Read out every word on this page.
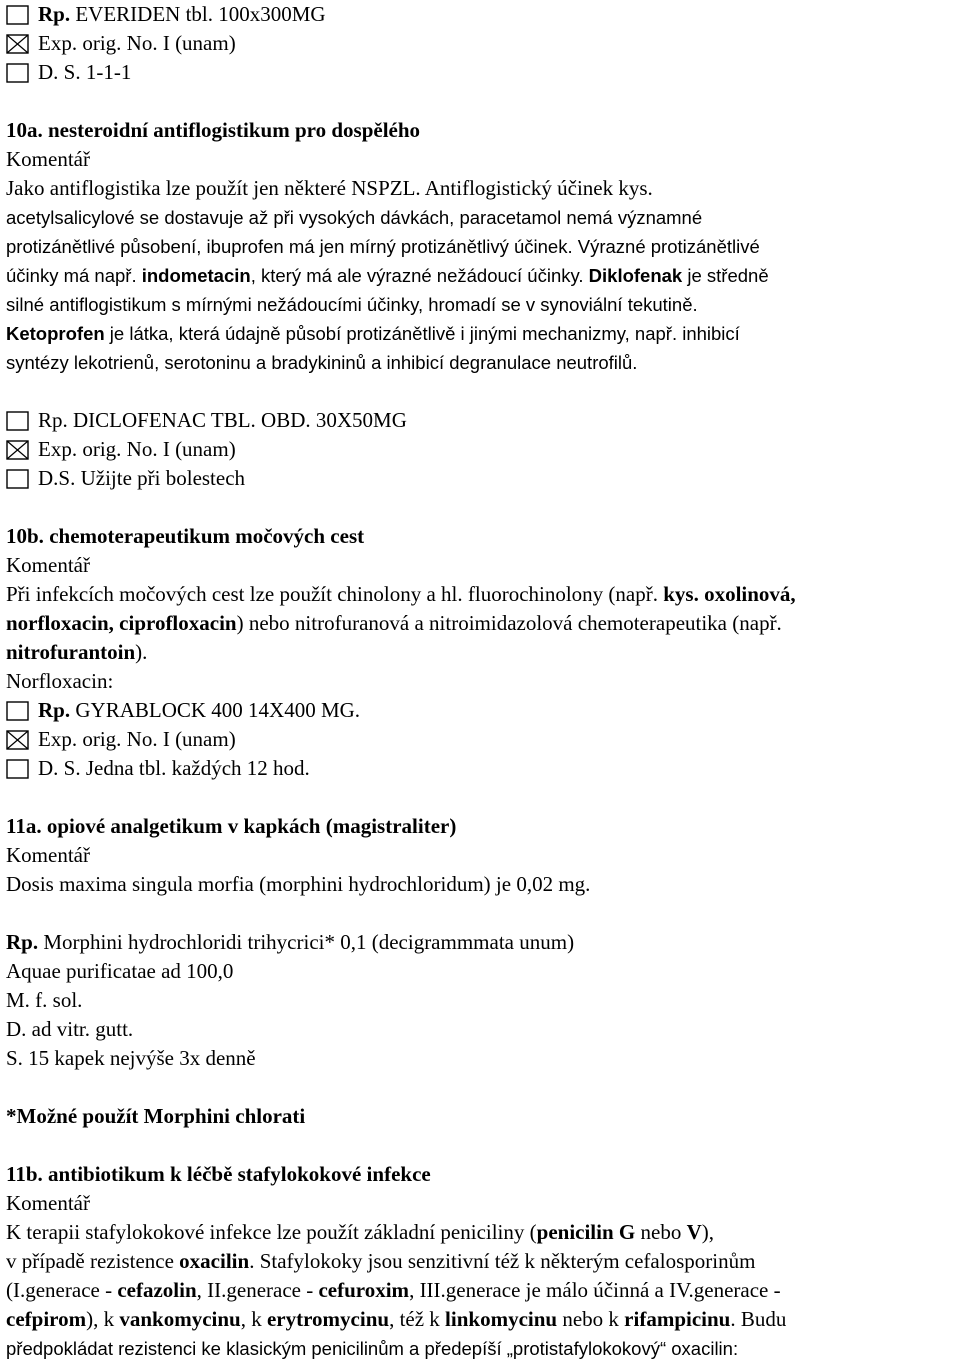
Rp. EVERIDEN tbl. 100x300MG
Exp. orig. No. I (unam)
D. S. 1-1-1
10a. nesteroidní antiflogistikum pro dospělého
Komentář
Jako antiflogistika lze použít jen některé NSPZL. Antiflogistický účinek kys.
acetylsalicylové se dostavuje až při vysokých dávkách, paracetamol nemá významné
protizánětlivé působení, ibuprofen má jen mírný protizánětlivý účinek. Výrazné protizánětlivé
účinky má např. indometacin, který má ale výrazné nežádoucí účinky. Diklofenak je středně
silné antiflogistikum s mírnými nežádoucími účinky, hromadí se v synoviální tekutině.
Ketoprofen je látka, která údajně působí protizánětlivě i jinými mechanizmy, např. inhibicí
syntézy lekotrienů, serotoninu a bradykininů a inhibicí degranulace neutrofilů.
Rp. DICLOFENAC TBL. OBD. 30X50MG
Exp. orig. No. I (unam)
D.S. Užijte při bolestech
10b. chemoterapeutikum močových cest
Komentář
Při infekcích močových cest lze použít chinolony a hl. fluorochinolony (např. kys. oxolinová,
norfloxacin, ciprofloxacin) nebo nitrofuranová a nitroimidazolová chemoterapeutika (např.
nitrofurantoin).
Norfloxacin:
Rp. GYRABLOCK 400 14X400 MG.
Exp. orig. No. I (unam)
D. S. Jedna tbl. každých 12 hod.
11a. opiové analgetikum v kapkách (magistraliter)
Komentář
Dosis maxima singula morfia (morphini hydrochloridum) je 0,02 mg.
Rp. Morphini hydrochloridi trihycrici* 0,1 (decigrammmata unum)
Aquae purificatae ad 100,0
M. f. sol.
D. ad vitr. gutt.
S. 15 kapek nejvýše 3x denně
*Možné použít Morphini chlorati
11b. antibiotikum k léčbě stafylokokové infekce
Komentář
K terapii stafylokokové infekce lze použít základní peniciliny (penicilin G nebo V),
v případě rezistence oxacilin. Stafylokoky jsou senzitivní též k některým cefalosporinům
(I.generace - cefazolin, II.generace - cefuroxim, III.generace je málo účinná a IV.generace -
cefpirom), k vankomycinu, k erytromycinu, též k linkomycinu nebo k rifampicinu. Budu
předpokládat rezistenci ke klasickým penicilinům a předepíší „protistafylokokový“ oxacilin:
